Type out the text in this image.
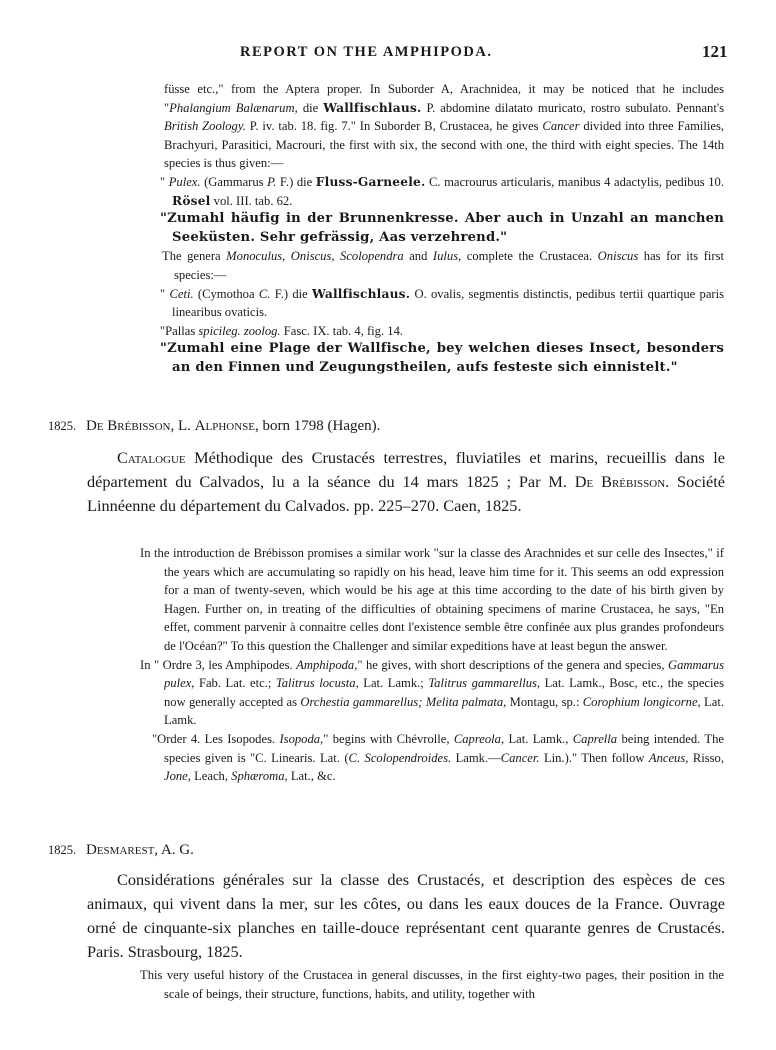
REPORT ON THE AMPHIPODA.	121

füsse etc.," from the Aptera proper. In Suborder A, Arachnidea, it may be noticed that he includes "Phalangium Balænarum, die Wallfischlaus. P. abdomine dilatato muricato, rostro subulato. Pennant's British Zoology. P. iv. tab. 18. fig. 7." In Suborder B, Crustacea, he gives Cancer divided into three Families, Brachyuri, Parasitici, Macrouri, the first with six, the second with one, the third with eight species. The 14th species is thus given:—

" Pulex. (Gammarus P. F.) die Fluss-Garneele. C. macrourus articularis, manibus 4 adactylis, pedibus 10. Rösel vol. III. tab. 62.

"Zumahl häufig in der Brunnenkresse. Aber auch in Unzahl an manchen Seeküsten. Sehr gefrässig, Aas verzehrend."

The genera Monoculus, Oniscus, Scolopendra and Iulus, complete the Crustacea. Oniscus has for its first species:—

" Ceti. (Cymothoa C. F.) die Wallfischlaus. O. ovalis, segmentis distinctis, pedibus tertii quartique paris linearibus ovaticis.

"Pallas spicileg. zoolog. Fasc. IX. tab. 4, fig. 14.

"Zumahl eine Plage der Wallfische, bey welchen dieses Insect, besonders an den Finnen und Zeugungstheilen, aufs festeste sich einnistelt."

1825. De Brébisson, L. Alphonse, born 1798 (Hagen).

Catalogue Méthodique des Crustacés terrestres, fluviatiles et marins, recueillis dans le département du Calvados, lu a la séance du 14 mars 1825 ; Par M. De Brébisson. Société Linnéenne du département du Calvados. pp. 225–270. Caen, 1825.

In the introduction de Brébisson promises a similar work "sur la classe des Arachnides et sur celle des Insectes," if the years which are accumulating so rapidly on his head, leave him time for it. This seems an odd expression for a man of twenty-seven, which would be his age at this time according to the date of his birth given by Hagen. Further on, in treating of the difficulties of obtaining specimens of marine Crustacea, he says, "En effet, comment parvenir à connaitre celles dont l'existence semble être confinée aux plus grandes profondeurs de l'Océan?" To this question the Challenger and similar expeditions have at least begun the answer.

In " Ordre 3, les Amphipodes. Amphipoda," he gives, with short descriptions of the genera and species, Gammarus pulex, Fab. Lat. etc.; Talitrus locusta, Lat. Lamk.; Talitrus gammarellus, Lat. Lamk., Bosc, etc., the species now generally accepted as Orchestia gammarellus; Melita palmata, Montagu, sp.: Corophium longicorne, Lat. Lamk.

"Order 4. Les Isopodes. Isopoda," begins with Chévrolle, Capreola, Lat. Lamk., Caprella being intended. The species given is "C. Linearis. Lat. (C. Scolopendroides. Lamk.—Cancer. Lin.)." Then follow Anceus, Risso, Jone, Leach, Sphæroma, Lat., &c.

1825. Desmarest, A. G.

Considérations générales sur la classe des Crustacés, et description des espèces de ces animaux, qui vivent dans la mer, sur les côtes, ou dans les eaux douces de la France. Ouvrage orné de cinquante-six planches en taille-douce représentant cent quarante genres de Crustacés. Paris. Strasbourg, 1825.

This very useful history of the Crustacea in general discusses, in the first eighty-two pages, their position in the scale of beings, their structure, functions, habits, and utility, together with
